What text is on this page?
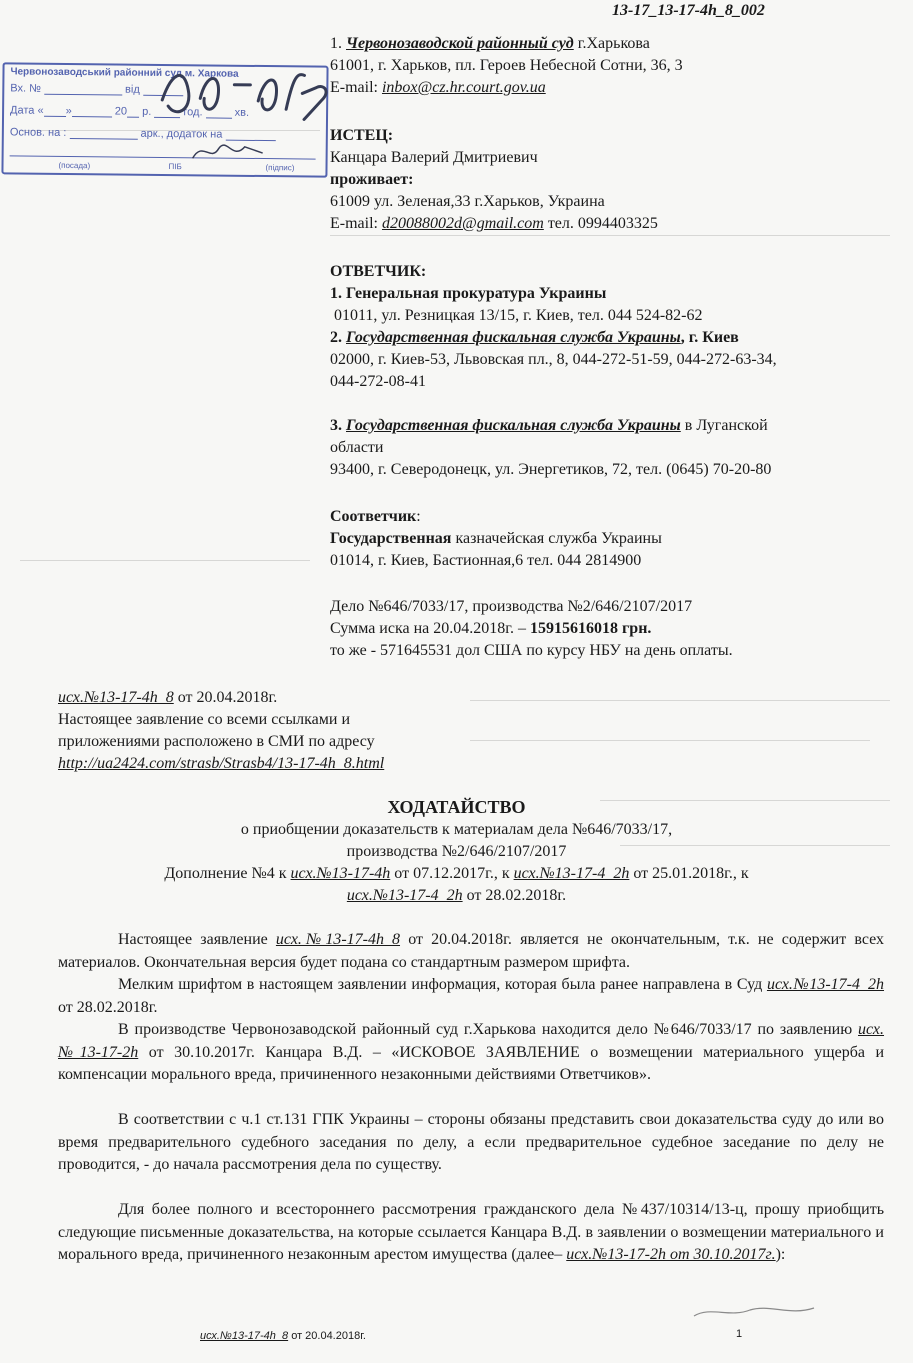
13-17_13-17-4h_8_002
Червонозаводський районний суд м. Харкова
Вх. №	від
Дата « »	20 р.	год.	хв.
Основ. на :	арк., додаток на
(посада)	ПІБ	(підпис)
1. Червонозаводской районный суд г.Харькова
61001, г. Харьков, пл. Героев Небесной Сотни, 36, 3
E-mail: inbox@cz.hr.court.gov.ua
ИСТЕЦ:
Канцара Валерий Дмитриевич
проживает:
61009 ул. Зеленая,33 г.Харьков, Украина
E-mail: d20088002d@gmail.com тел. 0994403325
ОТВЕТЧИК:
1. Генеральная прокуратура Украины
01011, ул. Резницкая 13/15, г. Киев, тел. 044 524-82-62
2. Государственная фискальная служба Украины, г. Киев
02000, г. Киев-53, Львовская пл., 8, 044-272-51-59, 044-272-63-34,
044-272-08-41
3. Государственная фискальная служба Украины в Луганской
области
93400, г. Северодонецк, ул. Энергетиков, 72, тел. (0645) 70-20-80
Соответчик:
Государственная казначейская служба Украины
01014, г. Киев, Бастионная,6 тел. 044 2814900
Дело №646/7033/17, производства №2/646/2107/2017
Сумма иска на 20.04.2018г. – 15915616018 грн.
то же - 571645531 дол США по курсу НБУ на день оплаты.
исх.№13-17-4h_8 от 20.04.2018г.
Настоящее заявление со всеми ссылками и
приложениями расположено в СМИ по адресу
http://ua2424.com/strasb/Strasb4/13-17-4h_8.html
ХОДАТАЙСТВО
о приобщении доказательств к материалам дела №646/7033/17,
производства №2/646/2107/2017
Дополнение №4 к исх.№13-17-4h от 07.12.2017г., к исх.№13-17-4_2h от 25.01.2018г., к
исх.№13-17-4_2h от 28.02.2018г.
Настоящее заявление исх.№13-17-4h_8 от 20.04.2018г. является не окончательным, т.к. не содержит всех материалов. Окончательная версия будет подана со стандартным размером шрифта.
Мелким шрифтом в настоящем заявлении информация, которая была ранее направлена в Суд исх.№13-17-4_2h от 28.02.2018г.
В производстве Червонозаводской районный суд г.Харькова находится дело №646/7033/17 по заявлению исх.№13-17-2h от 30.10.2017г. Канцара В.Д. – «ИСКОВОЕ ЗАЯВЛЕНИЕ о возмещении материального ущерба и компенсации морального вреда, причиненного незаконными действиями Ответчиков».
В соответствии с ч.1 ст.131 ГПК Украины – стороны обязаны представить свои доказательства суду до или во время предварительного судебного заседания по делу, а если предварительное судебное заседание по делу не проводится, - до начала рассмотрения дела по существу.
Для более полного и всестороннего рассмотрения гражданского дела №437/10314/13-ц, прошу приобщить следующие письменные доказательства, на которые ссылается Канцара В.Д. в заявлении о возмещении материального и морального вреда, причиненного незаконным арестом имущества (далее– исх.№13-17-2h от 30.10.2017г.):
исх.№13-17-4h_8 от 20.04.2018г.	1
